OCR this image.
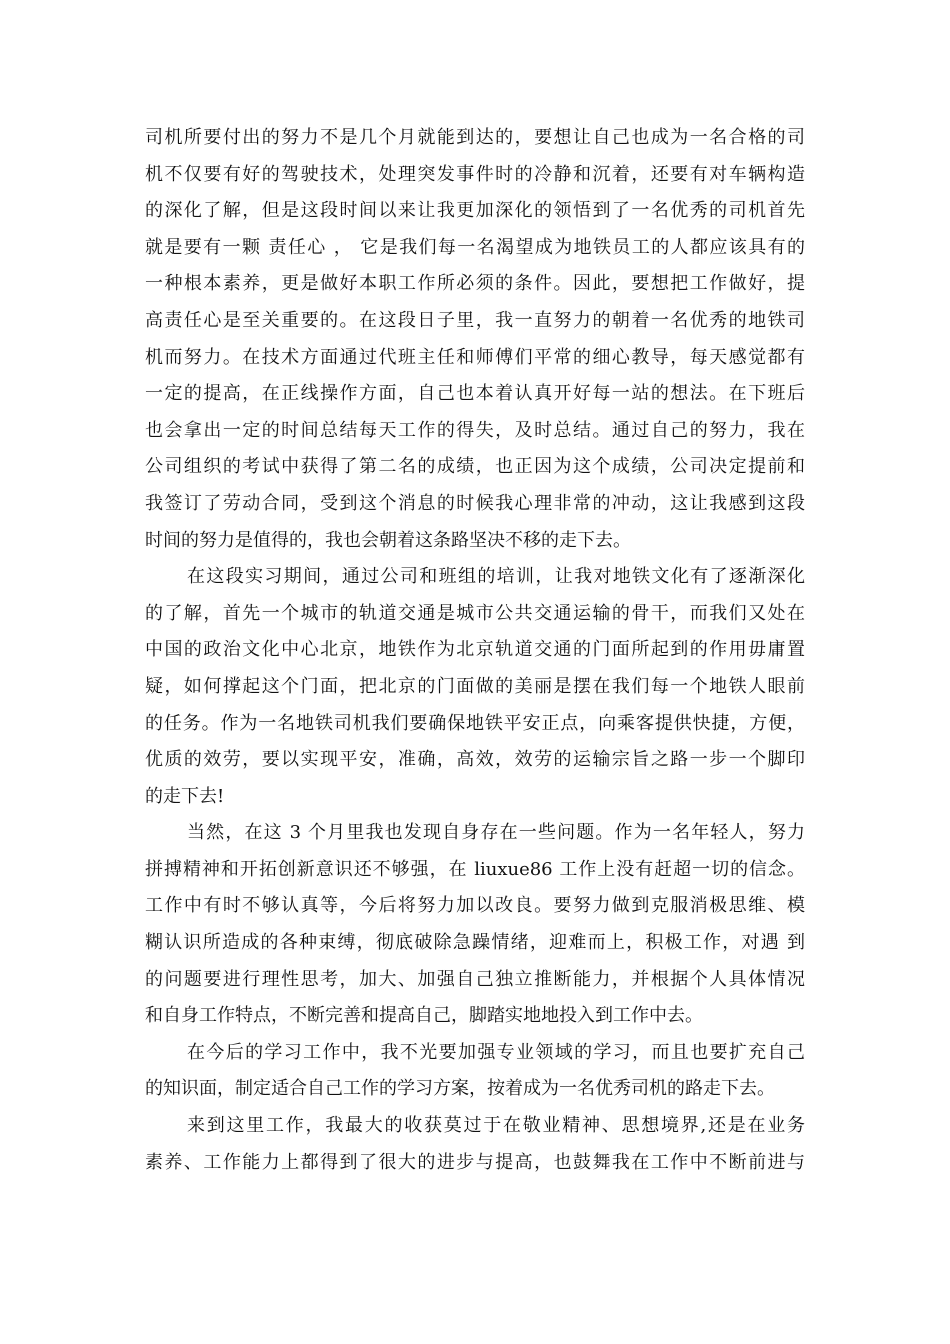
司机所要付出的努力不是几个月就能到达的，要想让自己也成为一名合格的司
机不仅要有好的驾驶技术，处理突发事件时的冷静和沉着，还要有对车辆构造
的深化了解，但是这段时间以来让我更加深化的领悟到了一名优秀的司机首先
就是要有一颗 责任心 ， 它是我们每一名渴望成为地铁员工的人都应该具有的
一种根本素养，更是做好本职工作所必须的条件。因此，要想把工作做好，提
高责任心是至关重要的。在这段日子里，我一直努力的朝着一名优秀的地铁司
机而努力。在技术方面通过代班主任和师傅们平常的细心教导，每天感觉都有
一定的提高，在正线操作方面，自己也本着认真开好每一站的想法。在下班后
也会拿出一定的时间总结每天工作的得失，及时总结。通过自己的努力，我在
公司组织的考试中获得了第二名的成绩，也正因为这个成绩，公司决定提前和
我签订了劳动合同，受到这个消息的时候我心理非常的冲动，这让我感到这段
时间的努力是值得的，我也会朝着这条路坚决不移的走下去。
在这段实习期间，通过公司和班组的培训，让我对地铁文化有了逐渐深化
的了解，首先一个城市的轨道交通是城市公共交通运输的骨干，而我们又处在
中国的政治文化中心北京，地铁作为北京轨道交通的门面所起到的作用毋庸置
疑，如何撑起这个门面，把北京的门面做的美丽是摆在我们每一个地铁人眼前
的任务。作为一名地铁司机我们要确保地铁平安正点，向乘客提供快捷，方便，
优质的效劳，要以实现平安，准确，高效，效劳的运输宗旨之路一步一个脚印
的走下去!
当然，在这 3 个月里我也发现自身存在一些问题。作为一名年轻人，努力
拼搏精神和开拓创新意识还不够强，在 liuxue86 工作上没有赶超一切的信念。
工作中有时不够认真等，今后将努力加以改良。要努力做到克服消极思维、模
糊认识所造成的各种束缚，彻底破除急躁情绪，迎难而上，积极工作，对遇 到
的问题要进行理性思考，加大、加强自己独立推断能力，并根据个人具体情况
和自身工作特点，不断完善和提高自己，脚踏实地地投入到工作中去。
在今后的学习工作中，我不光要加强专业领域的学习，而且也要扩充自己
的知识面，制定适合自己工作的学习方案，按着成为一名优秀司机的路走下去。
来到这里工作，我最大的收获莫过于在敬业精神、思想境界,还是在业务
素养、工作能力上都得到了很大的进步与提高，也鼓舞我在工作中不断前进与
